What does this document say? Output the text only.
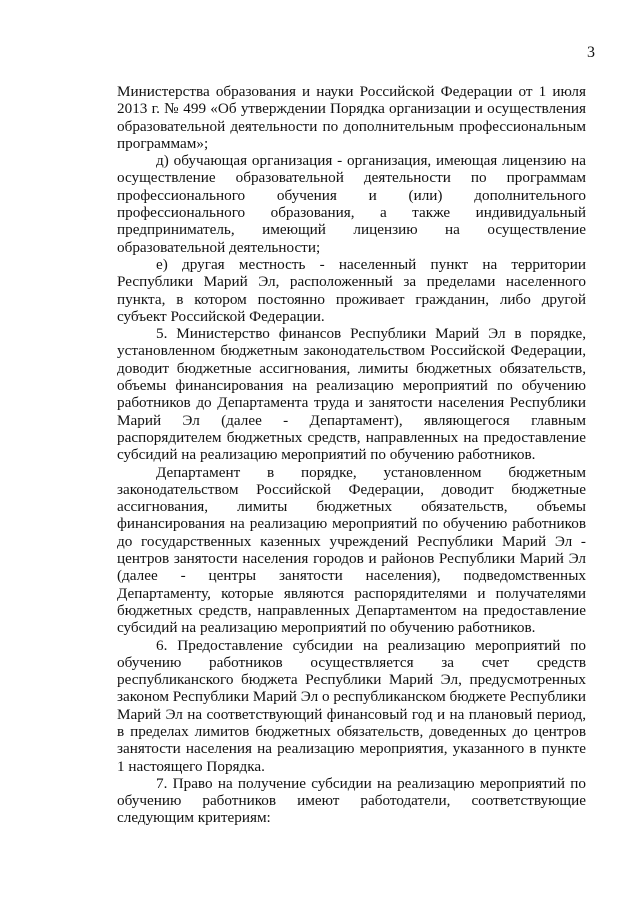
3

Министерства образования и науки Российской Федерации от 1 июля 2013 г. № 499 «Об утверждении Порядка организации и осуществления образовательной деятельности по дополнительным профессиональным программам»;

д) обучающая организация - организация, имеющая лицензию на осуществление образовательной деятельности по программам профессионального обучения и (или) дополнительного профессионального образования, а также индивидуальный предприниматель, имеющий лицензию на осуществление образовательной деятельности;

е) другая местность - населенный пункт на территории Республики Марий Эл, расположенный за пределами населенного пункта, в котором постоянно проживает гражданин, либо другой субъект Российской Федерации.

5. Министерство финансов Республики Марий Эл в порядке, установленном бюджетным законодательством Российской Федерации, доводит бюджетные ассигнования, лимиты бюджетных обязательств, объемы финансирования на реализацию мероприятий по обучению работников до Департамента труда и занятости населения Республики Марий Эл (далее - Департамент), являющегося главным распорядителем бюджетных средств, направленных на предоставление субсидий на реализацию мероприятий по обучению работников.

Департамент в порядке, установленном бюджетным законодательством Российской Федерации, доводит бюджетные ассигнования, лимиты бюджетных обязательств, объемы финансирования на реализацию мероприятий по обучению работников до государственных казенных учреждений Республики Марий Эл - центров занятости населения городов и районов Республики Марий Эл (далее - центры занятости населения), подведомственных Департаменту, которые являются распорядителями и получателями бюджетных средств, направленных Департаментом на предоставление субсидий на реализацию мероприятий по обучению работников.

6. Предоставление субсидии на реализацию мероприятий по обучению работников осуществляется за счет средств республиканского бюджета Республики Марий Эл, предусмотренных законом Республики Марий Эл о республиканском бюджете Республики Марий Эл на соответствующий финансовый год и на плановый период, в пределах лимитов бюджетных обязательств, доведенных до центров занятости населения на реализацию мероприятия, указанного в пункте 1 настоящего Порядка.

7. Право на получение субсидии на реализацию мероприятий по обучению работников имеют работодатели, соответствующие следующим критериям:
